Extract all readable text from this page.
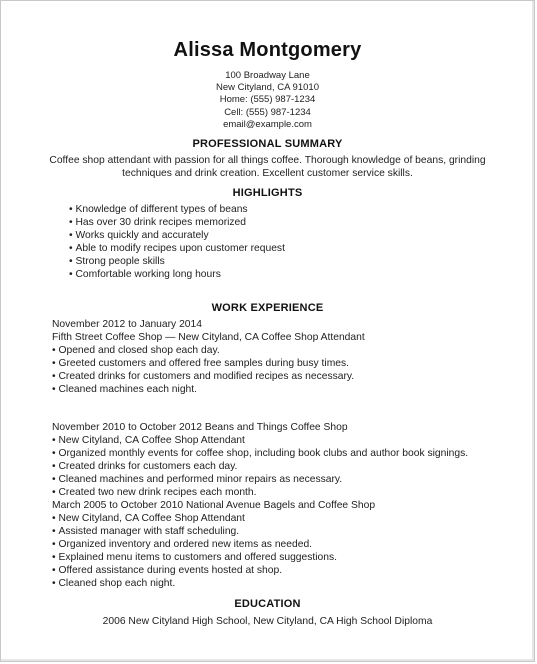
Alissa Montgomery
100 Broadway Lane
New Cityland, CA 91010
Home: (555) 987-1234
Cell: (555) 987-1234
email@example.com
PROFESSIONAL SUMMARY
Coffee shop attendant with passion for all things coffee. Thorough knowledge of beans, grinding techniques and drink creation. Excellent customer service skills.
HIGHLIGHTS
• Knowledge of different types of beans
• Has over 30 drink recipes memorized
• Works quickly and accurately
• Able to modify recipes upon customer request
• Strong people skills
• Comfortable working long hours
WORK EXPERIENCE
November 2012 to January 2014
Fifth Street Coffee Shop — New Cityland, CA Coffee Shop Attendant
• Opened and closed shop each day.
• Greeted customers and offered free samples during busy times.
• Created drinks for customers and modified recipes as necessary.
• Cleaned machines each night.
November 2010 to October 2012 Beans and Things Coffee Shop
• New Cityland, CA Coffee Shop Attendant
• Organized monthly events for coffee shop, including book clubs and author book signings.
• Created drinks for customers each day.
• Cleaned machines and performed minor repairs as necessary.
• Created two new drink recipes each month.
March 2005 to October 2010 National Avenue Bagels and Coffee Shop
• New Cityland, CA Coffee Shop Attendant
• Assisted manager with staff scheduling.
• Organized inventory and ordered new items as needed.
• Explained menu items to customers and offered suggestions.
• Offered assistance during events hosted at shop.
• Cleaned shop each night.
EDUCATION
2006 New Cityland High School, New Cityland, CA High School Diploma
